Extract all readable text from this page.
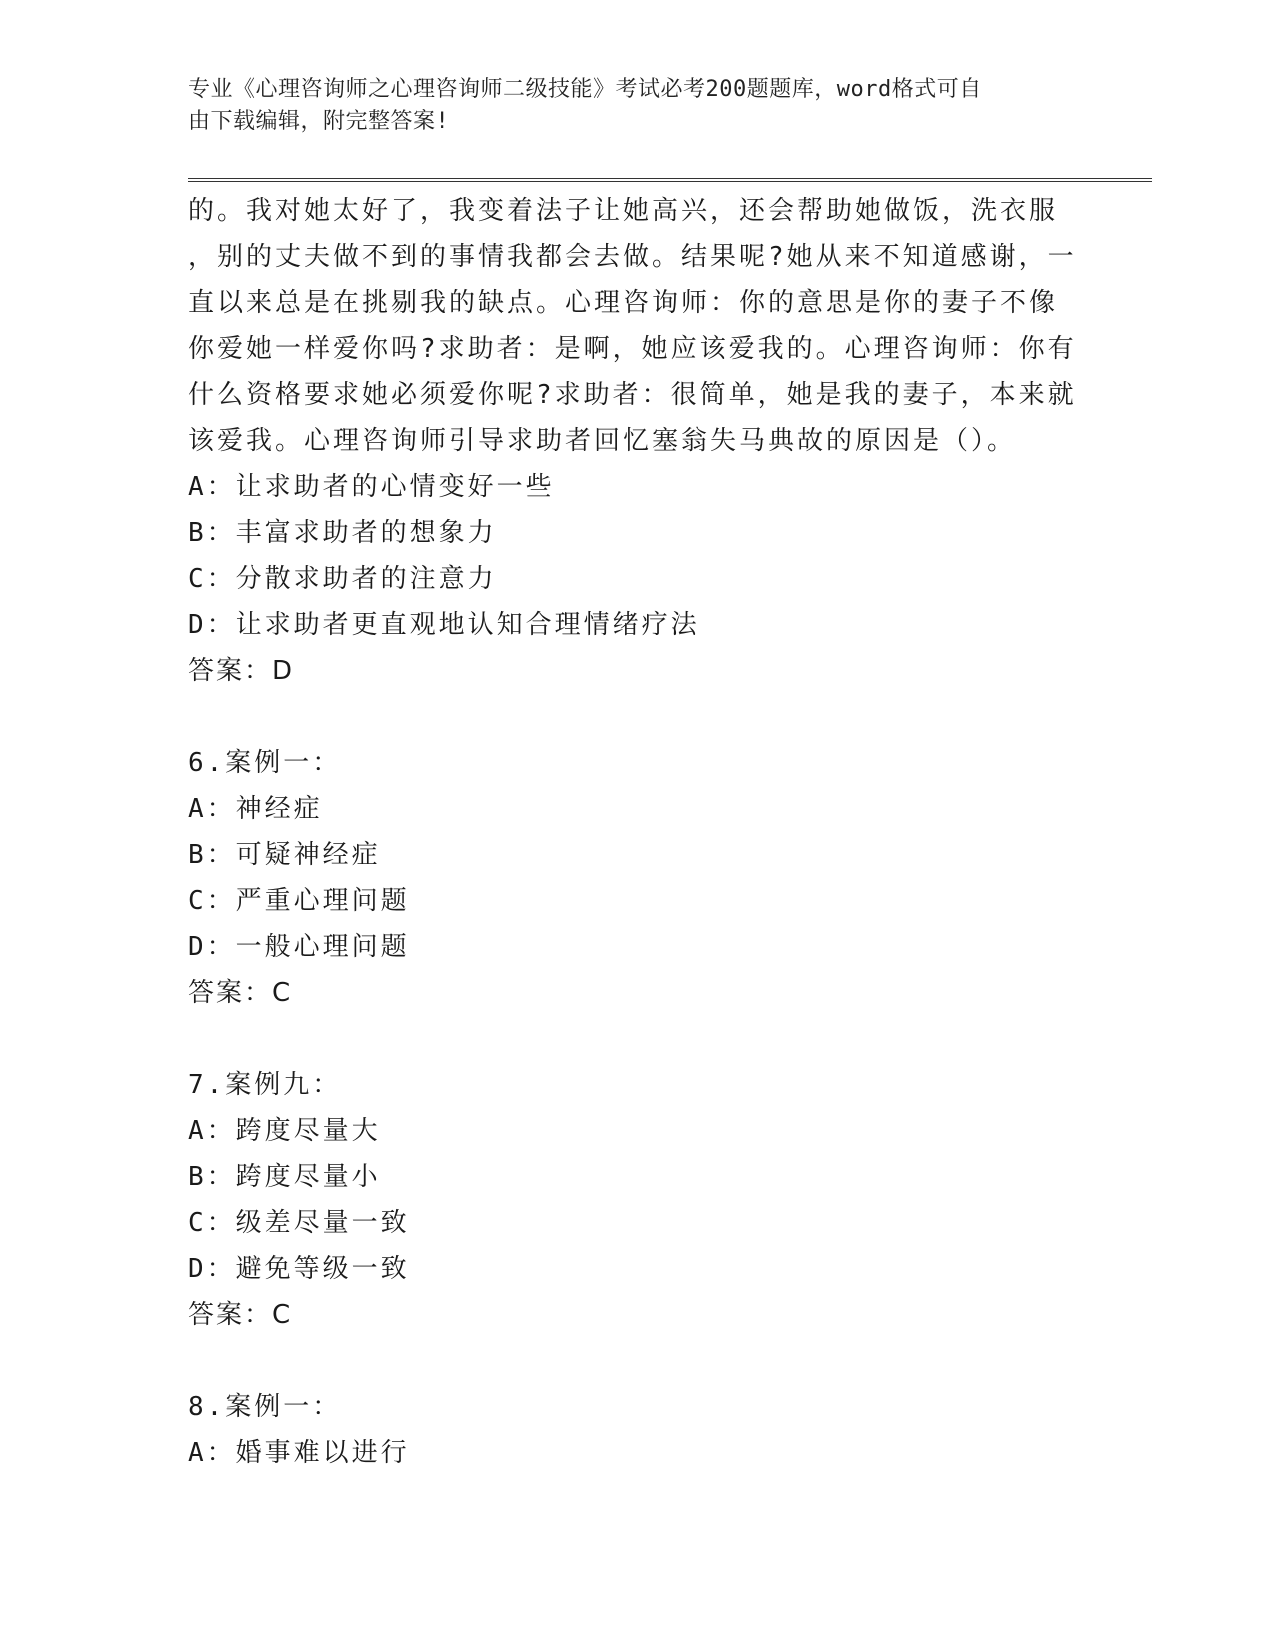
专业《心理咨询师之心理咨询师二级技能》考试必考200题题库，word格式可自
由下载编辑，附完整答案!
的。我对她太好了，我变着法子让她高兴，还会帮助她做饭，洗衣服
，别的丈夫做不到的事情我都会去做。结果呢?她从来不知道感谢，一
直以来总是在挑剔我的缺点。心理咨询师：你的意思是你的妻子不像
你爱她一样爱你吗?求助者：是啊，她应该爱我的。心理咨询师：你有
什么资格要求她必须爱你呢?求助者：很简单，她是我的妻子，本来就
该爱我。心理咨询师引导求助者回忆塞翁失马典故的原因是（）。
A：让求助者的心情变好一些
B：丰富求助者的想象力
C：分散求助者的注意力
D：让求助者更直观地认知合理情绪疗法
答案：D
6.案例一：
A：神经症
B：可疑神经症
C：严重心理问题
D：一般心理问题
答案：C
7.案例九：
A：跨度尽量大
B：跨度尽量小
C：级差尽量一致
D：避免等级一致
答案：C
8.案例一：
A：婚事难以进行
